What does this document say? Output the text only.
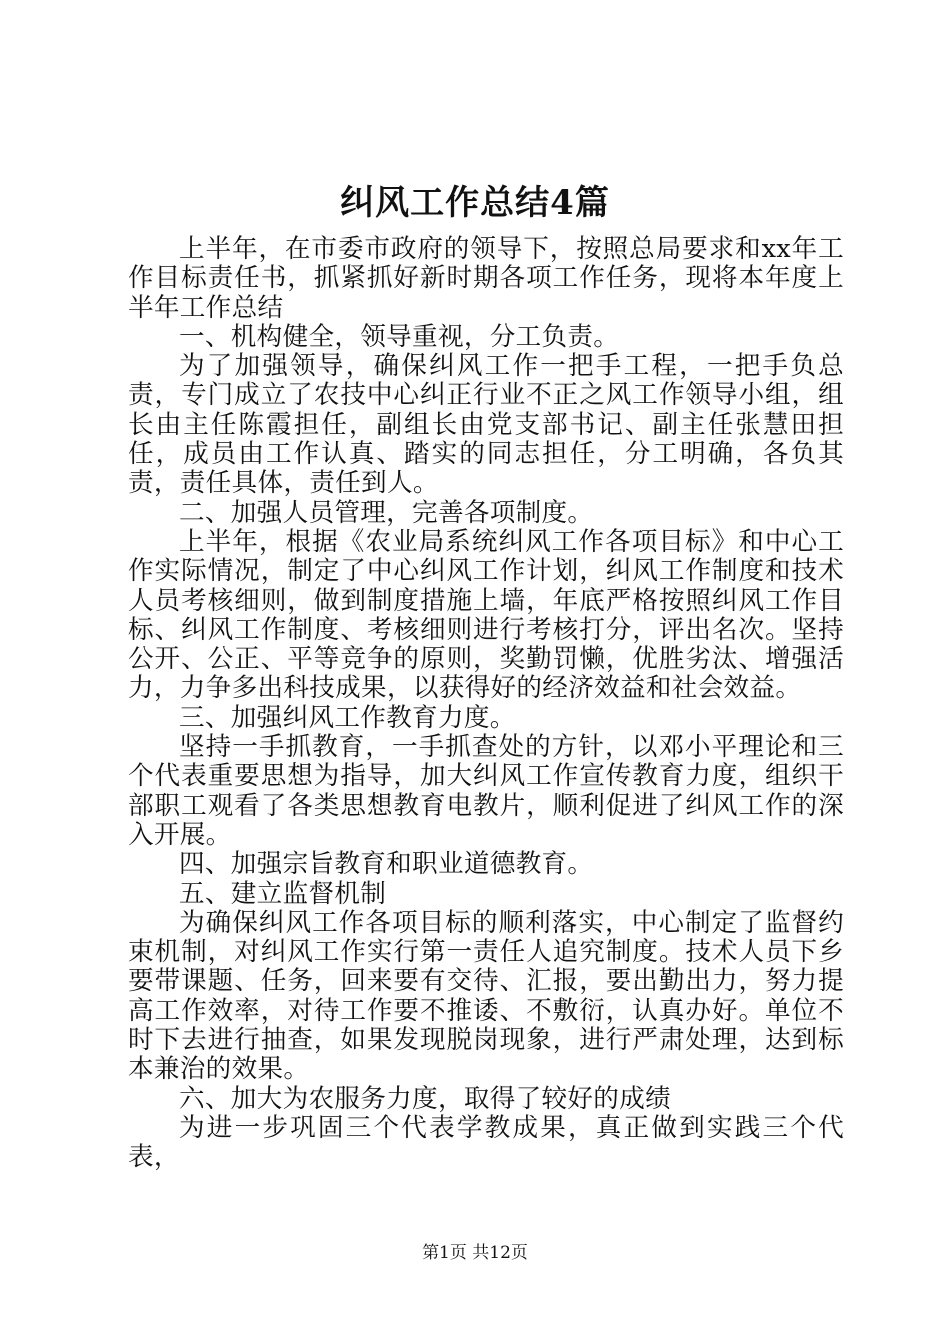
纠风工作总结4篇

上半年，在市委市政府的领导下，按照总局要求和xx年工作目标责任书，抓紧抓好新时期各项工作任务，现将本年度上半年工作总结

一、机构健全，领导重视，分工负责。

为了加强领导，确保纠风工作一把手工程，一把手负总责，专门成立了农技中心纠正行业不正之风工作领导小组，组长由主任陈霞担任，副组长由党支部书记、副主任张慧田担任，成员由工作认真、踏实的同志担任，分工明确，各负其责，责任具体，责任到人。

二、加强人员管理，完善各项制度。

上半年，根据《农业局系统纠风工作各项目标》和中心工作实际情况，制定了中心纠风工作计划，纠风工作制度和技术人员考核细则，做到制度措施上墙，年底严格按照纠风工作目标、纠风工作制度、考核细则进行考核打分，评出名次。坚持公开、公正、平等竞争的原则，奖勤罚懒，优胜劣汰、增强活力，力争多出科技成果，以获得好的经济效益和社会效益。

三、加强纠风工作教育力度。

坚持一手抓教育，一手抓查处的方针，以邓小平理论和三个代表重要思想为指导，加大纠风工作宣传教育力度，组织干部职工观看了各类思想教育电教片，顺利促进了纠风工作的深入开展。

四、加强宗旨教育和职业道德教育。

五、建立监督机制

为确保纠风工作各项目标的顺利落实，中心制定了监督约束机制，对纠风工作实行第一责任人追究制度。技术人员下乡要带课题、任务，回来要有交待、汇报，要出勤出力，努力提高工作效率，对待工作要不推诿、不敷衍，认真办好。单位不时下去进行抽查，如果发现脱岗现象，进行严肃处理，达到标本兼治的效果。

六、加大为农服务力度，取得了较好的成绩

为进一步巩固三个代表学教成果，真正做到实践三个代表，

第1页 共12页
